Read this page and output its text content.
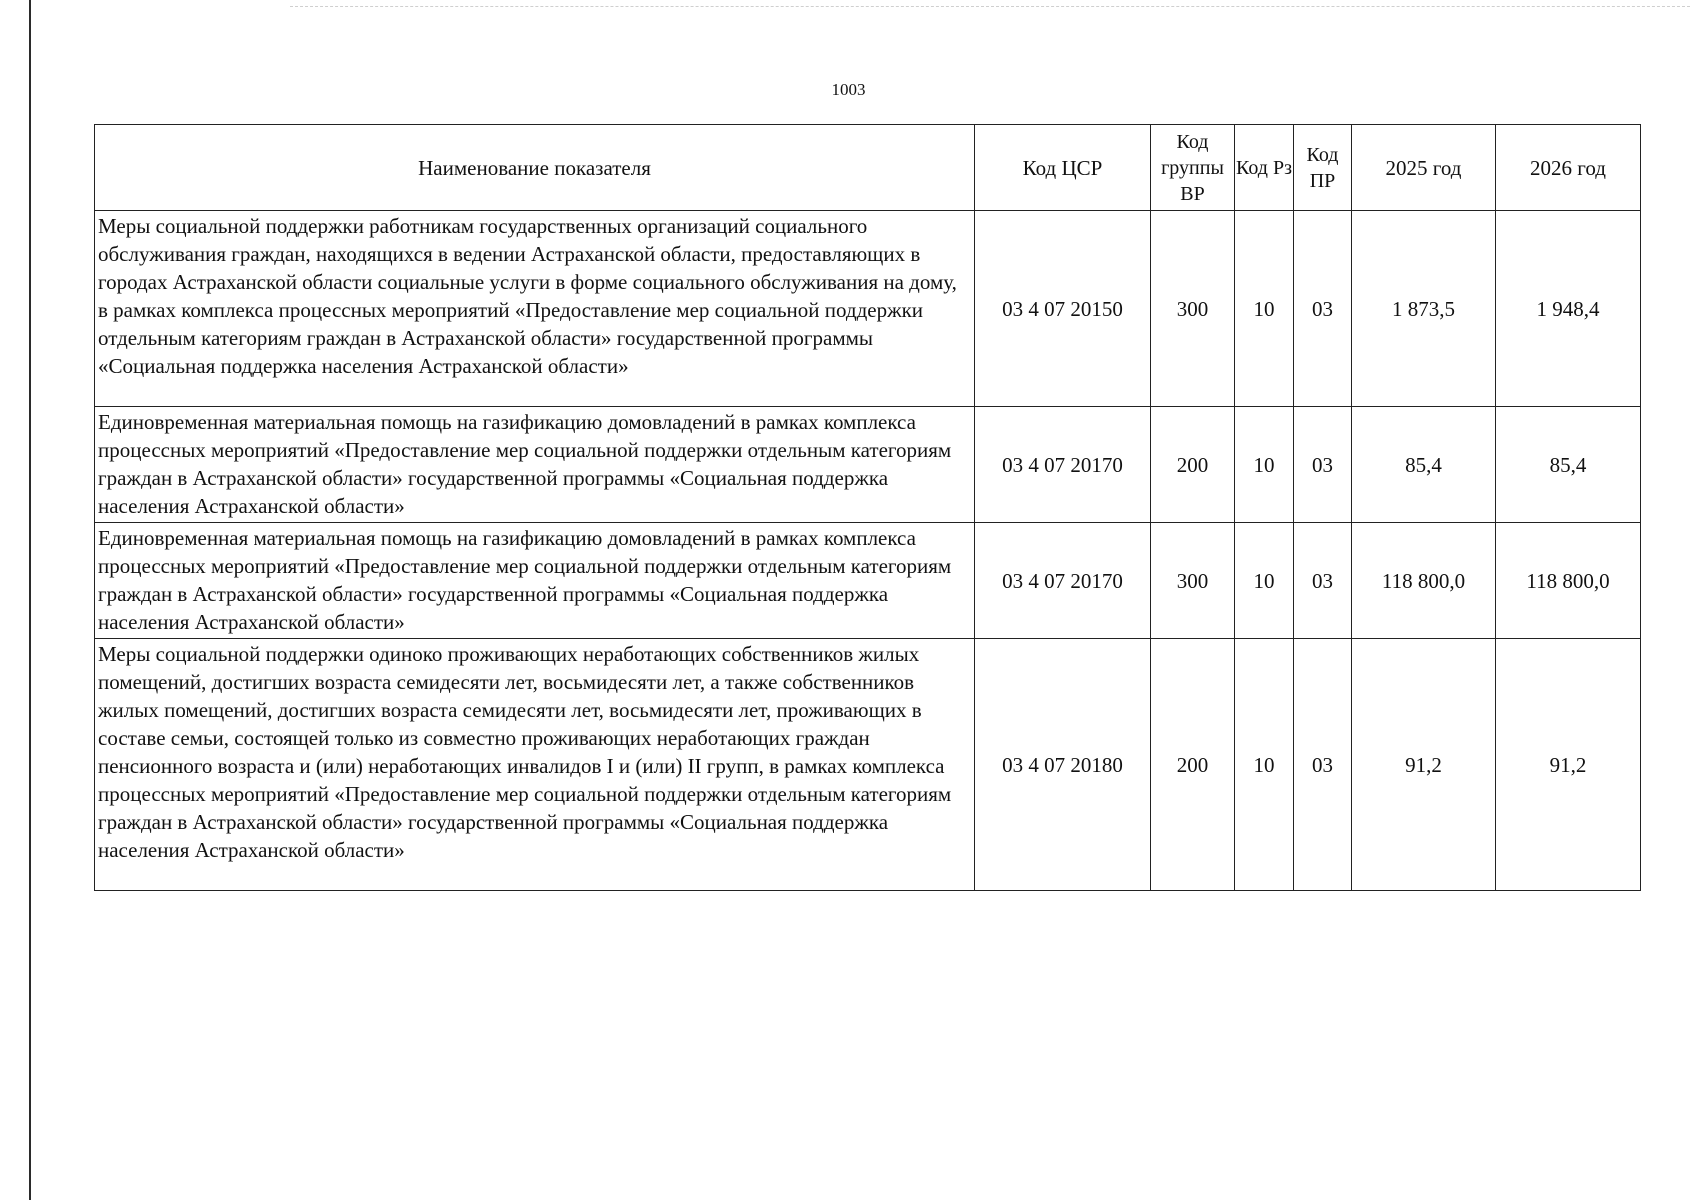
1003
Наименование показателя	Код ЦСР	Код группы ВР	Код Рз	Код ПР	2025 год	2026 год
Меры социальной поддержки работникам государственных организаций социального обслуживания граждан, находящихся в ведении Астраханской области, предоставляющих в городах Астраханской области социальные услуги в форме социального обслуживания на дому, в рамках комплекса процессных мероприятий «Предоставление мер социальной поддержки отдельным категориям граждан в Астраханской области» государственной программы «Социальная поддержка населения Астраханской области»	03 4 07 20150	300	10	03	1 873,5	1 948,4
Единовременная материальная помощь на газификацию домовладений в рамках комплекса процессных мероприятий «Предоставление мер социальной поддержки отдельным категориям граждан в Астраханской области» государственной программы «Социальная поддержка населения Астраханской области»	03 4 07 20170	200	10	03	85,4	85,4
Единовременная материальная помощь на газификацию домовладений в рамках комплекса процессных мероприятий «Предоставление мер социальной поддержки отдельным категориям граждан в Астраханской области» государственной программы «Социальная поддержка населения Астраханской области»	03 4 07 20170	300	10	03	118 800,0	118 800,0
Меры социальной поддержки одиноко проживающих неработающих собственников жилых помещений, достигших возраста семидесяти лет, восьмидесяти лет, а также собственников жилых помещений, достигших возраста семидесяти лет, восьмидесяти лет, проживающих в составе семьи, состоящей только из совместно проживающих неработающих граждан пенсионного возраста и (или) неработающих инвалидов I и (или) II групп, в рамках комплекса процессных мероприятий «Предоставление мер социальной поддержки отдельным категориям граждан в Астраханской области» государственной программы «Социальная поддержка населения Астраханской области»	03 4 07 20180	200	10	03	91,2	91,2
